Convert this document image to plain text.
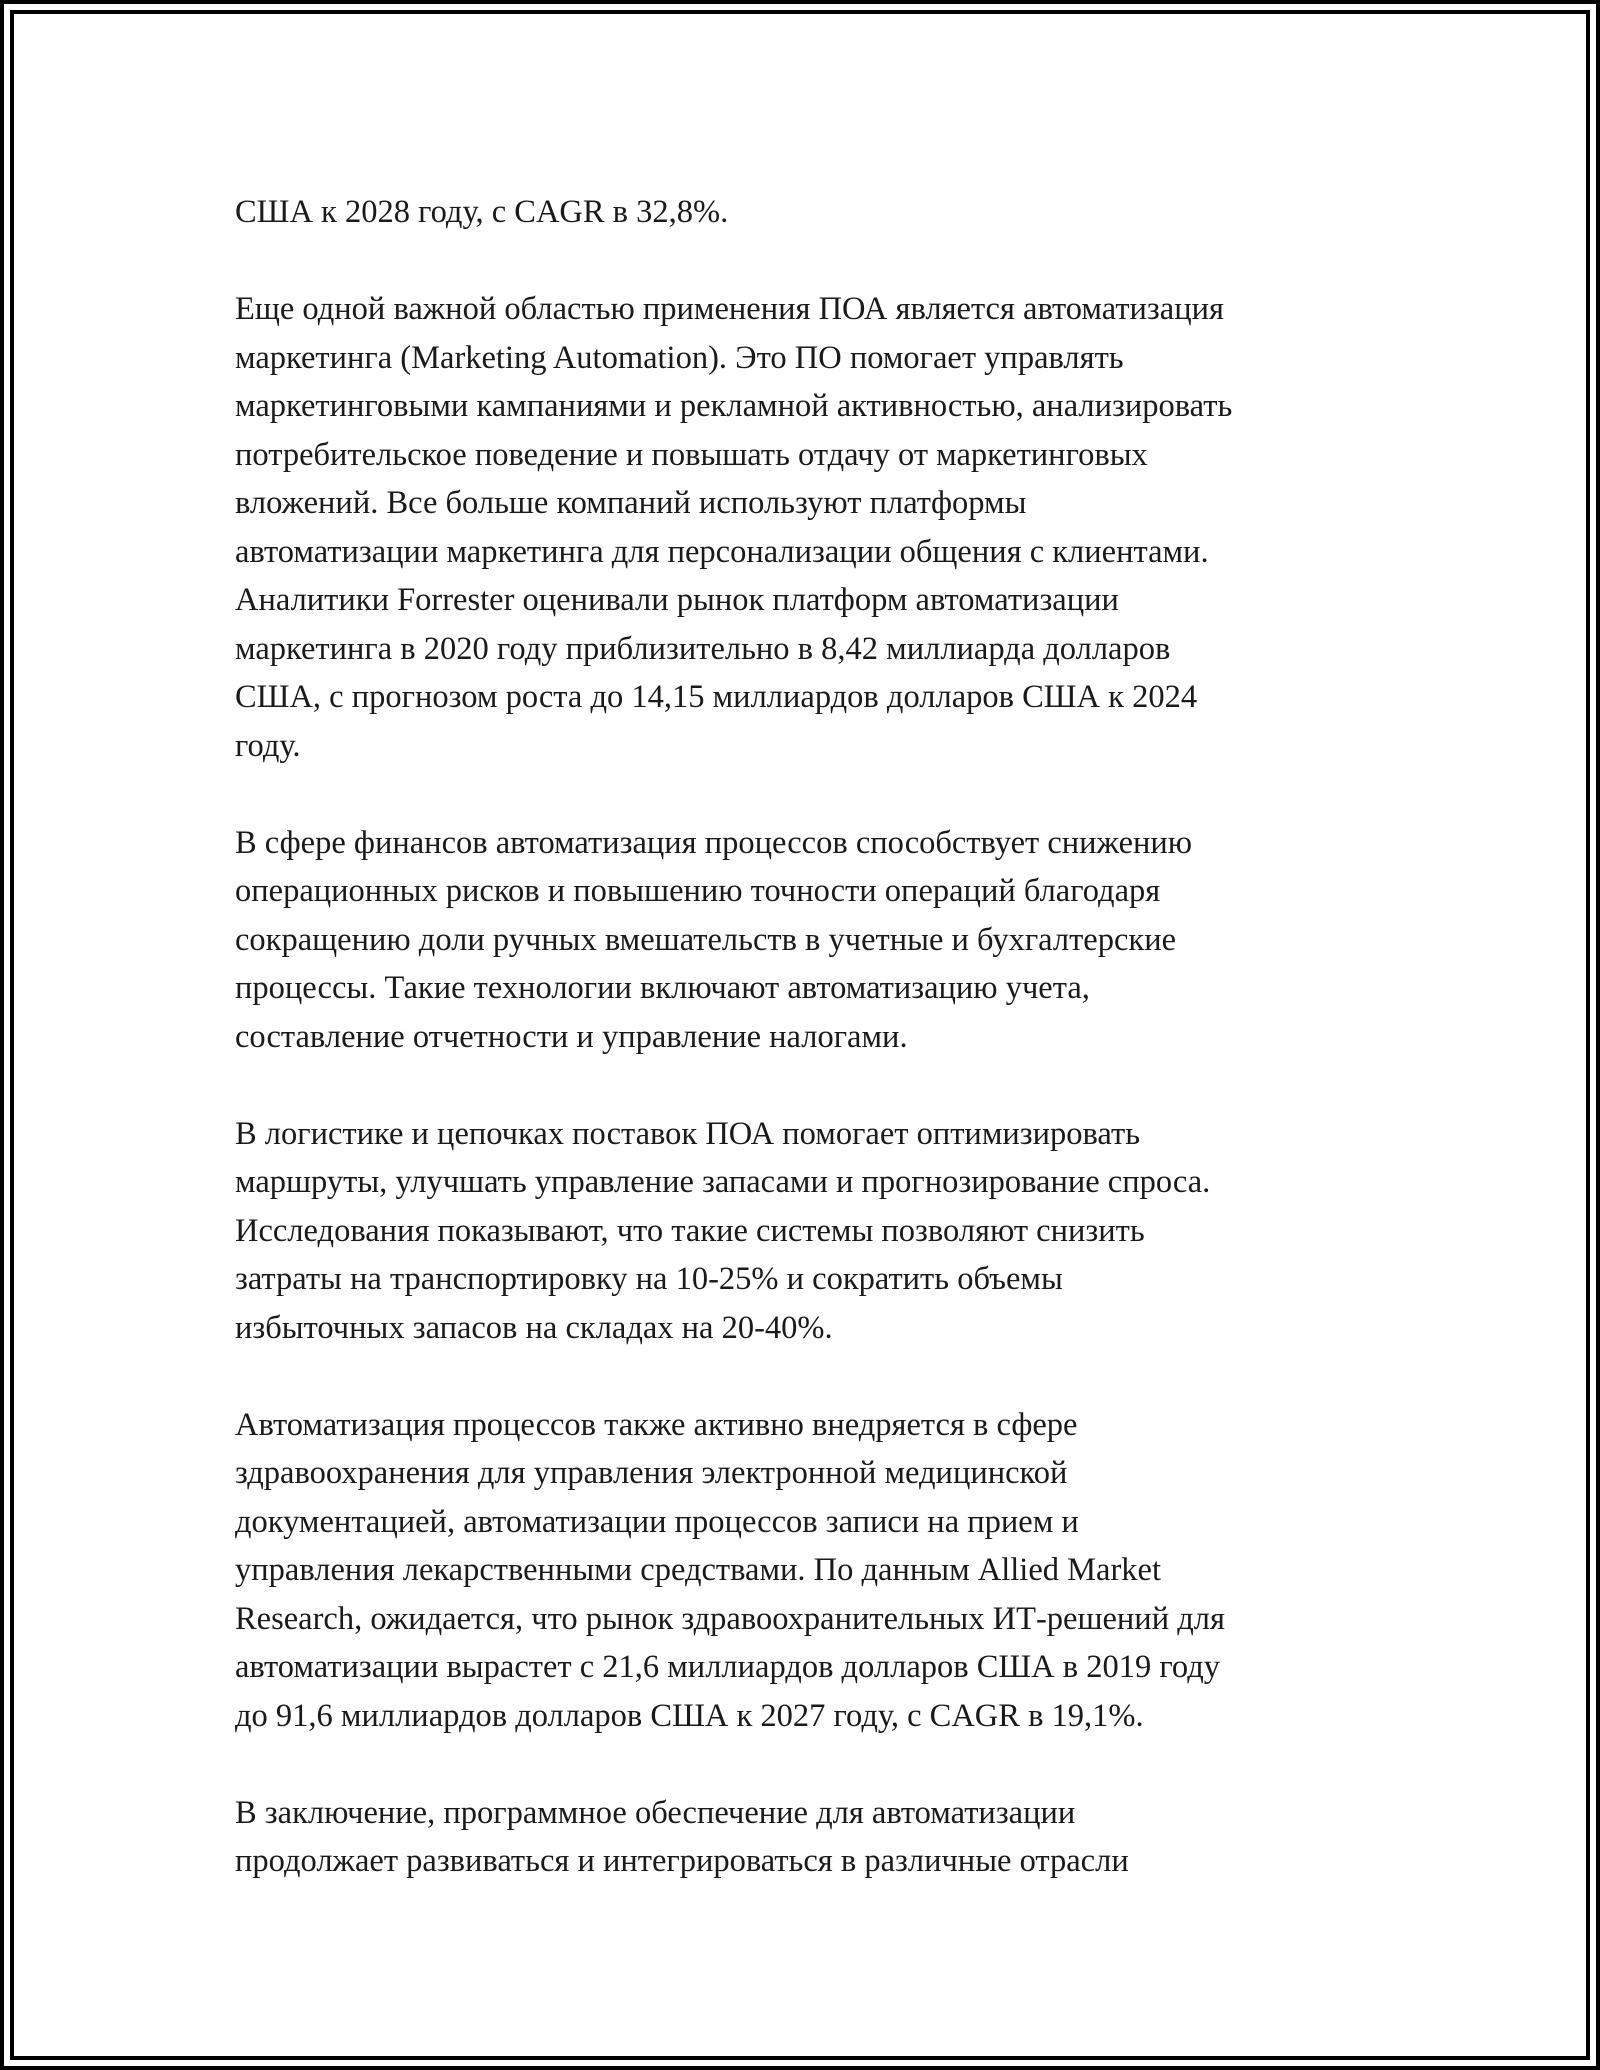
США к 2028 году, с CAGR в 32,8%.

Еще одной важной областью применения ПОА является автоматизация
маркетинга (Marketing Automation). Это ПО помогает управлять
маркетинговыми кампаниями и рекламной активностью, анализировать
потребительское поведение и повышать отдачу от маркетинговых
вложений. Все больше компаний используют платформы
автоматизации маркетинга для персонализации общения с клиентами.
Аналитики Forrester оценивали рынок платформ автоматизации
маркетинга в 2020 году приблизительно в 8,42 миллиарда долларов
США, с прогнозом роста до 14,15 миллиардов долларов США к 2024
году.

В сфере финансов автоматизация процессов способствует снижению
операционных рисков и повышению точности операций благодаря
сокращению доли ручных вмешательств в учетные и бухгалтерские
процессы. Такие технологии включают автоматизацию учета,
составление отчетности и управление налогами.

В логистике и цепочках поставок ПОА помогает оптимизировать
маршруты, улучшать управление запасами и прогнозирование спроса.
Исследования показывают, что такие системы позволяют снизить
затраты на транспортировку на 10-25% и сократить объемы
избыточных запасов на складах на 20-40%.

Автоматизация процессов также активно внедряется в сфере
здравоохранения для управления электронной медицинской
документацией, автоматизации процессов записи на прием и
управления лекарственными средствами. По данным Allied Market
Research, ожидается, что рынок здравоохранительных ИТ-решений для
автоматизации вырастет с 21,6 миллиардов долларов США в 2019 году
до 91,6 миллиардов долларов США к 2027 году, с CAGR в 19,1%.

В заключение, программное обеспечение для автоматизации
продолжает развиваться и интегрироваться в различные отрасли
